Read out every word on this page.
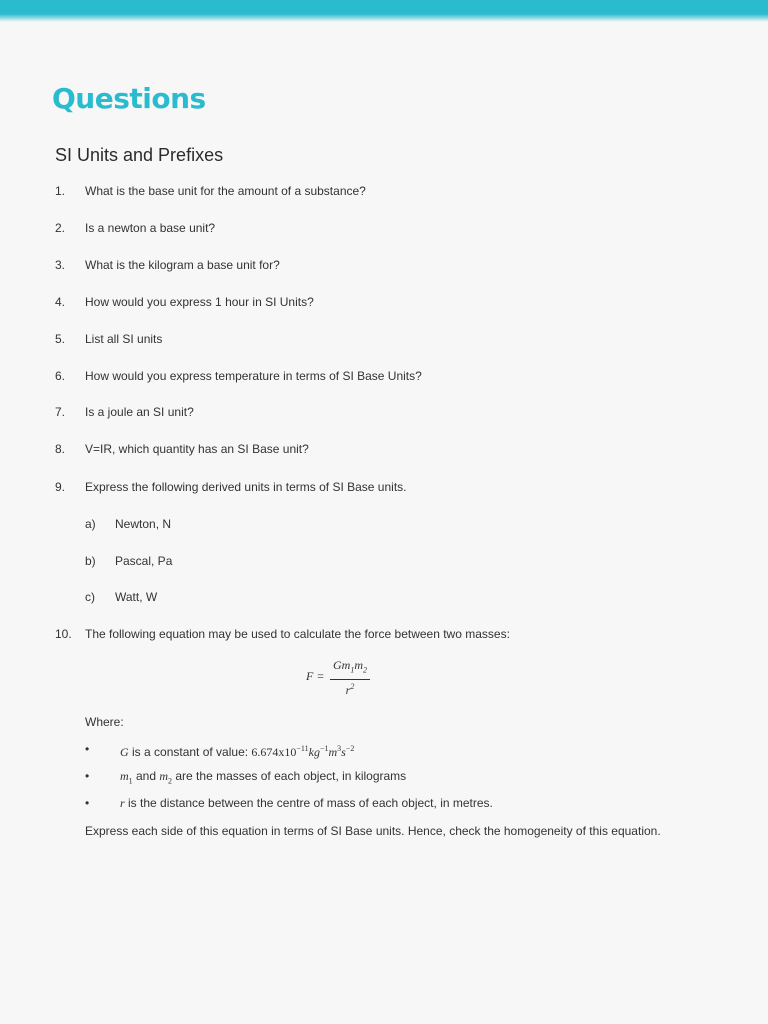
Questions
SI Units and Prefixes
1. What is the base unit for the amount of a substance?
2. Is a newton a base unit?
3. What is the kilogram a base unit for?
4. How would you express 1 hour in SI Units?
5. List all SI units
6. How would you express temperature in terms of SI Base Units?
7. Is a joule an SI unit?
8. V=IR, which quantity has an SI Base unit?
9. Express the following derived units in terms of SI Base units.
a) Newton, N
b) Pascal, Pa
c) Watt, W
10. The following equation may be used to calculate the force between two masses:
F =
$Gm_1m_2$
$r^2$
Where:
•	G is a constant of value: $6.674x10^{-11}kg^{-1}m^3s^{-2}$
•	$m_1$ and $m_2$ are the masses of each object, in kilograms
•	r is the distance between the centre of mass of each object, in metres.
Express each side of this equation in terms of SI Base units. Hence, check the homogeneity of this equation.
